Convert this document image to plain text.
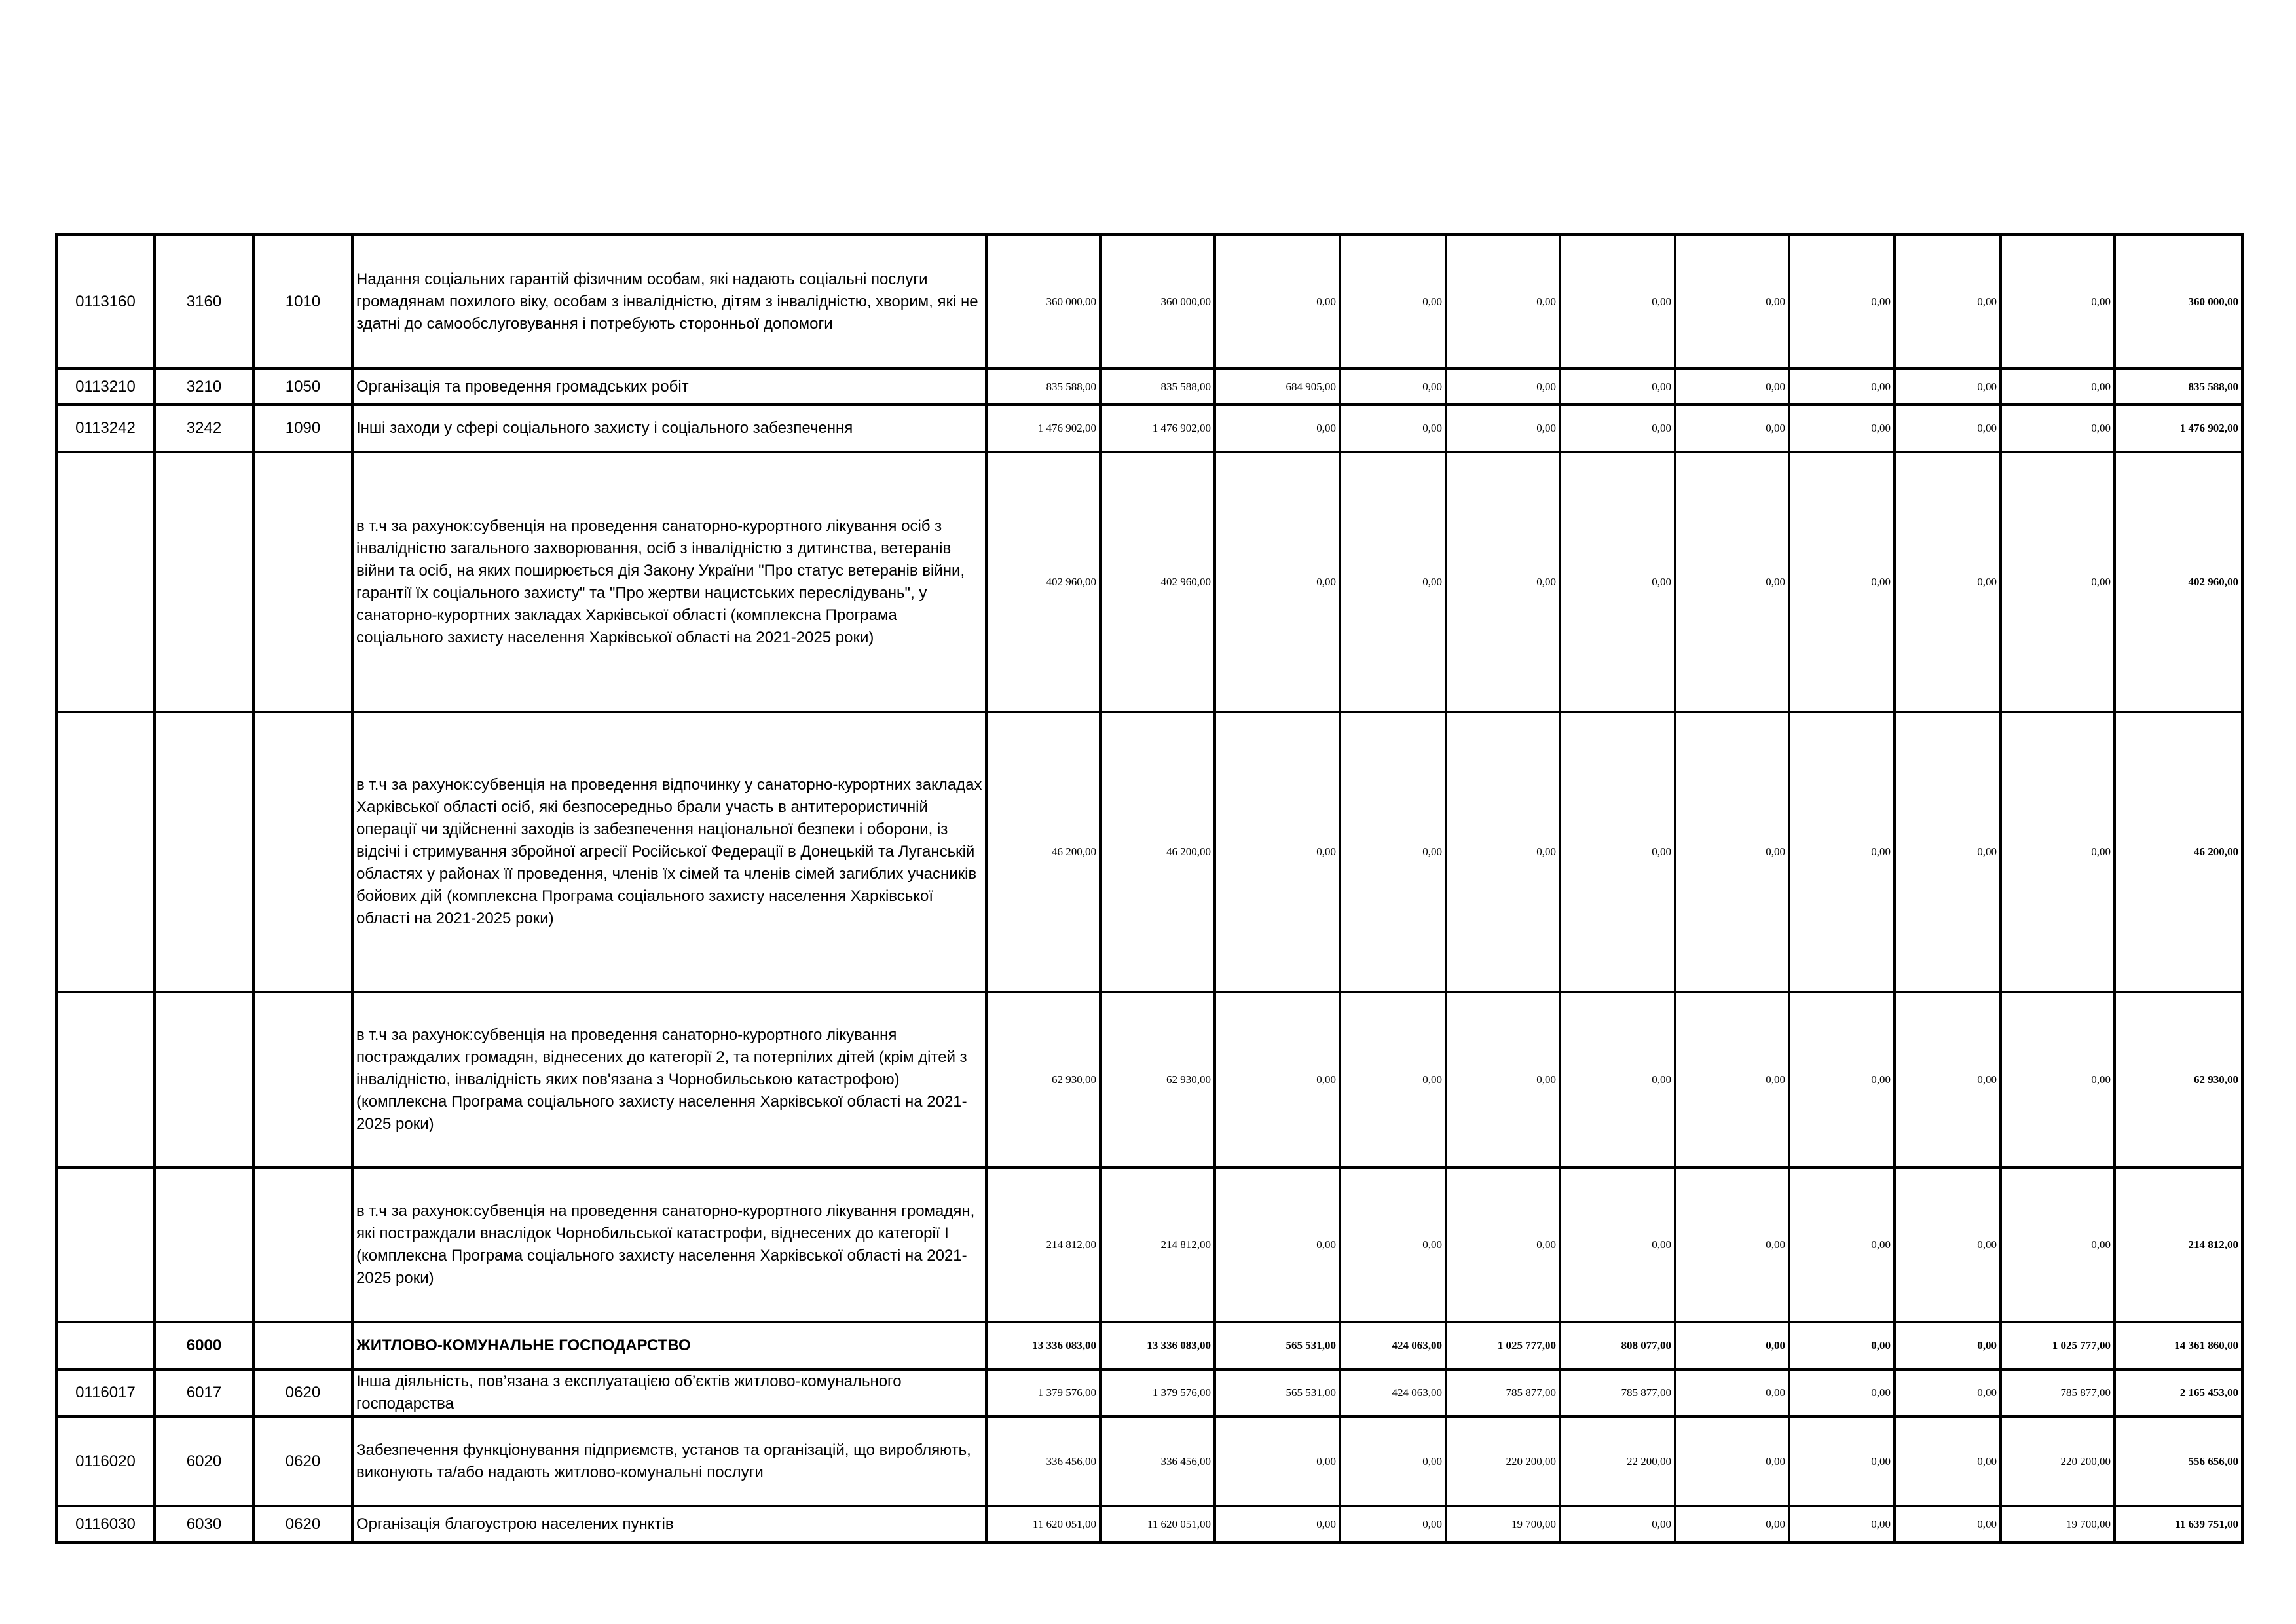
0113160	3160	1010	Надання соціальних гарантій фізичним особам, які надають соціальні послуги громадянам похилого віку, особам з інвалідністю, дітям з інвалідністю, хворим, які не здатні до самообслуговування і потребують сторонньої допомоги	360 000,00	360 000,00	0,00	0,00	0,00	0,00	0,00	0,00	0,00	0,00	360 000,00
0113210	3210	1050	Організація та проведення громадських робіт	835 588,00	835 588,00	684 905,00	0,00	0,00	0,00	0,00	0,00	0,00	0,00	835 588,00
0113242	3242	1090	Інші заходи у сфері соціального захисту і соціального забезпечення	1 476 902,00	1 476 902,00	0,00	0,00	0,00	0,00	0,00	0,00	0,00	0,00	1 476 902,00
			в т.ч за рахунок:субвенція на проведення санаторно-курортного лікування осіб з інвалідністю загального захворювання, осіб з інвалідністю з дитинства, ветеранів війни та осіб, на яких поширюється дія Закону України "Про статус ветеранів війни, гарантії їх соціального захисту" та "Про жертви нацистських переслідувань", у санаторно-курортних закладах Харківської області (комплексна Програма соціального захисту населення Харківської області на 2021-2025 роки)	402 960,00	402 960,00	0,00	0,00	0,00	0,00	0,00	0,00	0,00	0,00	402 960,00
			в т.ч за рахунок:субвенція на проведення відпочинку у санаторно-курортних закладах Харківської області осіб, які безпосередньо брали участь в антитерористичній операції чи здійсненні заходів із забезпечення національної безпеки і оборони, із відсічі і стримування збройної агресії Російської Федерації в Донецькій та Луганській областях у районах її проведення, членів їх сімей та членів сімей загиблих учасників бойових дій (комплексна Програма соціального захисту населення Харківської області на 2021-2025 роки)	46 200,00	46 200,00	0,00	0,00	0,00	0,00	0,00	0,00	0,00	0,00	46 200,00
			в т.ч за рахунок:субвенція на проведення санаторно-курортного лікування постраждалих громадян, віднесених до категорії 2, та потерпілих дітей (крім дітей з інвалідністю, інвалідність яких пов'язана з Чорнобильською катастрофою) (комплексна Програма соціального захисту населення Харківської області на 2021-2025 роки)	62 930,00	62 930,00	0,00	0,00	0,00	0,00	0,00	0,00	0,00	0,00	62 930,00
			в т.ч за рахунок:субвенція на проведення санаторно-курортного лікування громадян, які постраждали внаслідок Чорнобильської катастрофи, віднесених до категорії І (комплексна Програма соціального захисту населення Харківської області на 2021-2025 роки)	214 812,00	214 812,00	0,00	0,00	0,00	0,00	0,00	0,00	0,00	0,00	214 812,00
	6000		ЖИТЛОВО-КОМУНАЛЬНЕ ГОСПОДАРСТВО	13 336 083,00	13 336 083,00	565 531,00	424 063,00	1 025 777,00	808 077,00	0,00	0,00	0,00	1 025 777,00	14 361 860,00
0116017	6017	0620	Інша діяльність, пов’язана з експлуатацією об’єктів житлово-комунального господарства	1 379 576,00	1 379 576,00	565 531,00	424 063,00	785 877,00	785 877,00	0,00	0,00	0,00	785 877,00	2 165 453,00
0116020	6020	0620	Забезпечення функціонування підприємств, установ та організацій, що виробляють, виконують та/або надають житлово-комунальні послуги	336 456,00	336 456,00	0,00	0,00	220 200,00	22 200,00	0,00	0,00	0,00	220 200,00	556 656,00
0116030	6030	0620	Організація благоустрою населених пунктів	11 620 051,00	11 620 051,00	0,00	0,00	19 700,00	0,00	0,00	0,00	0,00	19 700,00	11 639 751,00
